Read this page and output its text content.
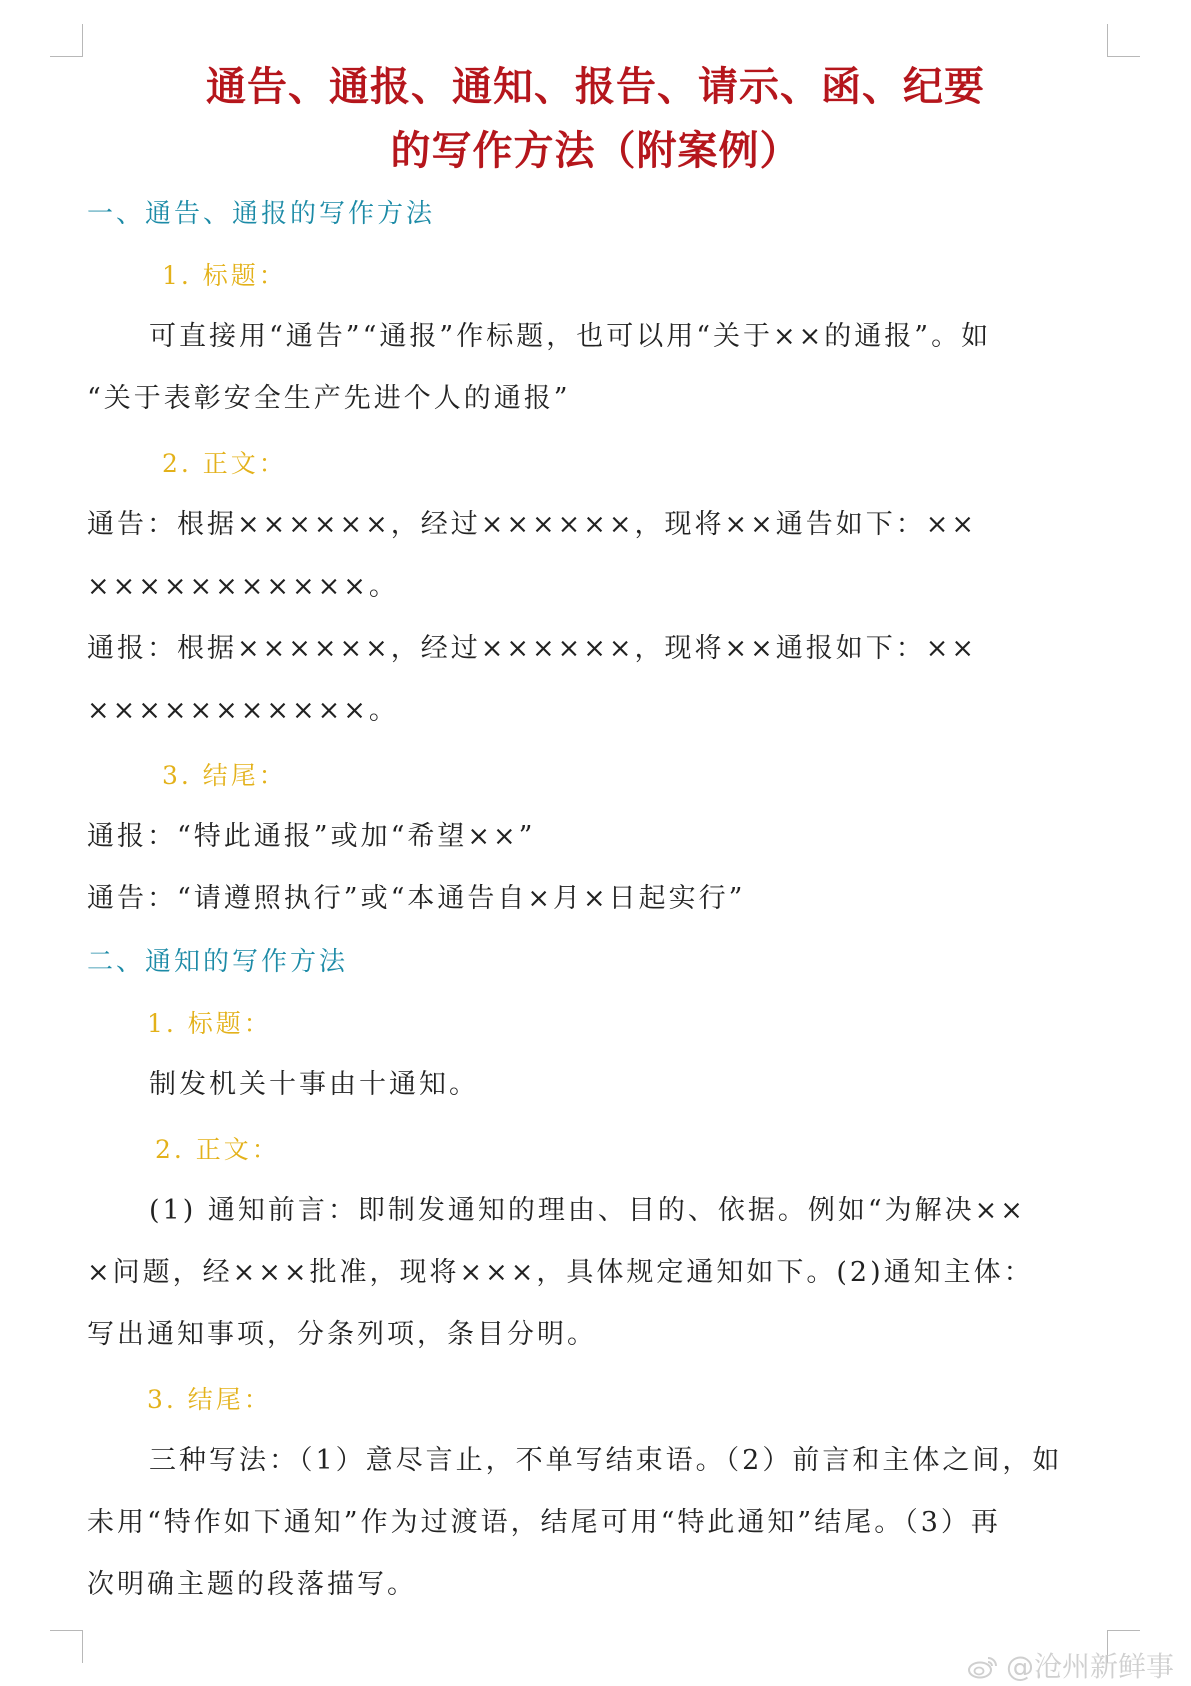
通告、通报、通知、报告、请示、函、纪要
的写作方法（附案例）
一、通告、通报的写作方法
1. 标题：
可直接用“通告”“通报”作标题，也可以用“关于××的通报”。如
“关于表彰安全生产先进个人的通报”
2. 正文：
通告：根据××××××，经过××××××，现将××通告如下：××
×××××××××××。
通报：根据××××××，经过××××××，现将××通报如下：××
×××××××××××。
3. 结尾：
通报：“特此通报”或加“希望××”
通告：“请遵照执行”或“本通告自×月×日起实行”
二、通知的写作方法
1. 标题：
制发机关十事由十通知。
2. 正文：
(1) 通知前言：即制发通知的理由、目的、依据。例如“为解决××
×问题，经×××批准，现将×××，具体规定通知如下。(2)通知主体：
写出通知事项，分条列项，条目分明。
3. 结尾：
三种写法：（1）意尽言止，不单写结束语。（2）前言和主体之间，如
未用“特作如下通知”作为过渡语，结尾可用“特此通知”结尾。（3）再
次明确主题的段落描写。
@沧州新鲜事
